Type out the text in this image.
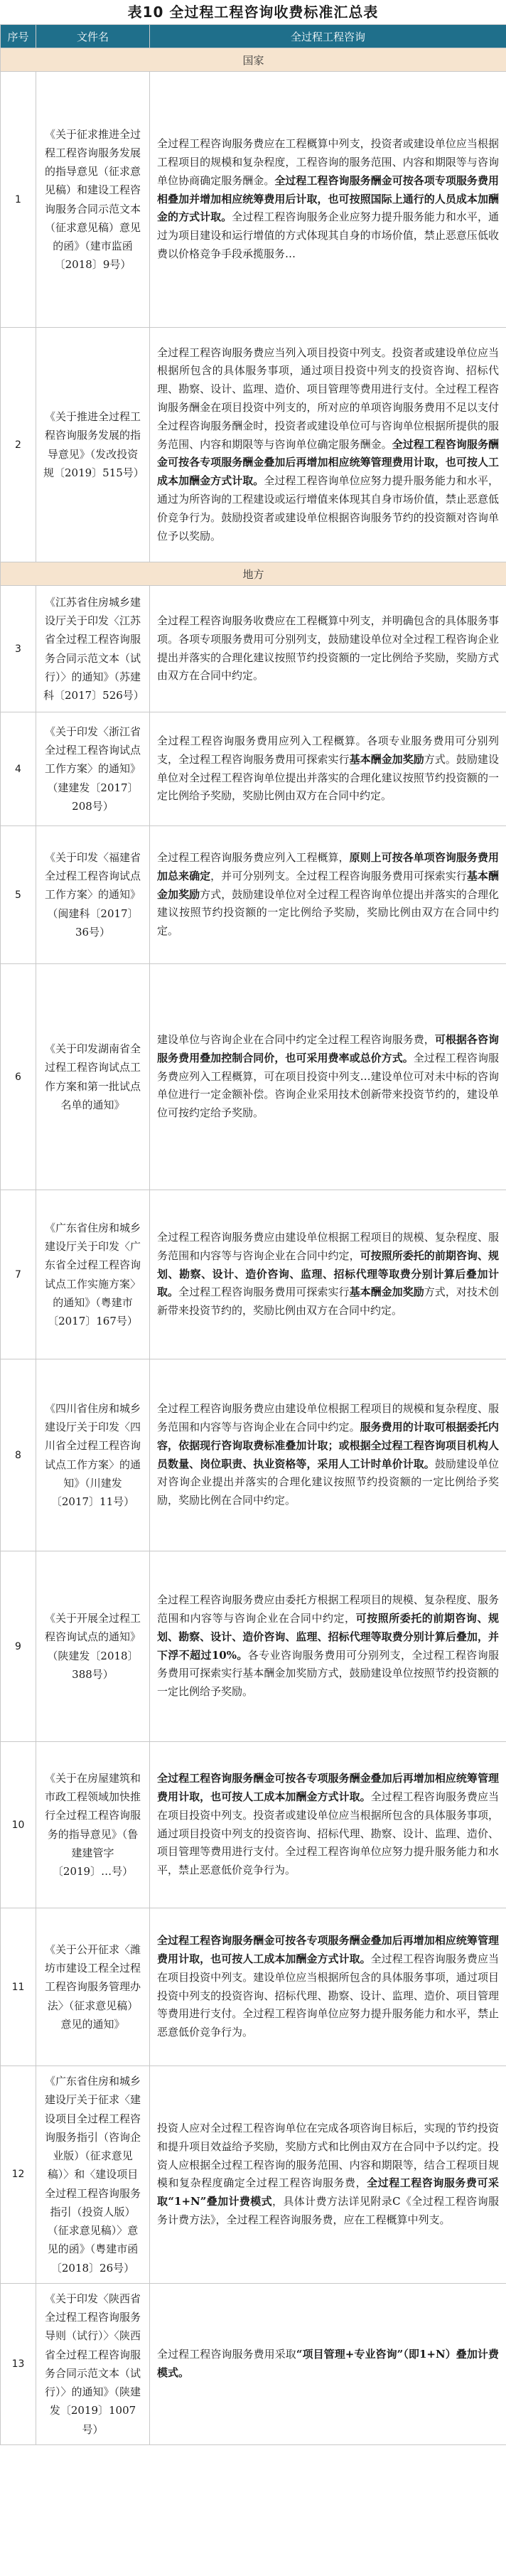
表10 全过程工程咨询收费标准汇总表
序号	文件名	全过程工程咨询
国家		
1	《关于征求推进全过程工程咨询服务发展的指导意见（征求意见稿）和建设工程咨询服务合同示范文本（征求意见稿）意见的函》（建市监函〔2018〕9号）	全过程工程咨询服务费应在工程概算中列支，投资者或建设单位应当根据工程项目的规模和复杂程度，工程咨询的服务范围、内容和期限等与咨询单位协商确定服务酬金。全过程工程咨询服务酬金可按各项专项服务费用相叠加并增加相应统筹费用后计取，也可按照国际上通行的人员成本加酬金的方式计取。全过程工程咨询服务企业应努力提升服务能力和水平，通过为项目建设和运行增值的方式体现其自身的市场价值，禁止恶意压低收费以价格竞争手段承揽服务…
2	《关于推进全过程工程咨询服务发展的指导意见》（发改投资规〔2019〕515号）	全过程工程咨询服务费应当列入项目投资中列支。投资者或建设单位应当根据所包含的具体服务事项，通过项目投资中列支的投资咨询、招标代理、勘察、设计、监理、造价、项目管理等费用进行支付。全过程工程咨询服务酬金在项目投资中列支的，所对应的单项咨询服务费用不足以支付全过程咨询服务酬金时，投资者或建设单位可与咨询单位根据所提供的服务范围、内容和期限等与咨询单位确定服务酬金。全过程工程咨询服务酬金可按各专项服务酬金叠加后再增加相应统筹管理费用计取，也可按人工成本加酬金方式计取。全过程工程咨询单位应努力提升服务能力和水平，通过为所咨询的工程建设或运行增值来体现其自身市场价值，禁止恶意低价竞争行为。鼓励投资者或建设单位根据咨询服务节约的投资额对咨询单位予以奖励。
地方		
3	《江苏省住房城乡建设厅关于印发〈江苏省全过程工程咨询服务合同示范文本（试行）〉的通知》（苏建科〔2017〕526号）	全过程工程咨询服务收费应在工程概算中列支，并明确包含的具体服务事项。各项专项服务费用可分别列支，鼓励建设单位对全过程工程咨询企业提出并落实的合理化建议按照节约投资额的一定比例给予奖励，奖励方式由双方在合同中约定。
4	《关于印发〈浙江省全过程工程咨询试点工作方案〉的通知》（建建发〔2017〕208号）	全过程工程咨询服务费用应列入工程概算。各项专业服务费用可分别列支，全过程工程咨询服务费用可探索实行基本酬金加奖励方式。鼓励建设单位对全过程工程咨询单位提出并落实的合理化建议按照节约投资额的一定比例给予奖励，奖励比例由双方在合同中约定。
5	《关于印发〈福建省全过程工程咨询试点工作方案〉的通知》（闽建科〔2017〕36号）	全过程工程咨询服务费应列入工程概算，原则上可按各单项咨询服务费用加总来确定，并可分别列支。全过程工程咨询服务费用可探索实行基本酬金加奖励方式，鼓励建设单位对全过程工程咨询单位提出并落实的合理化建议按照节约投资额的一定比例给予奖励，奖励比例由双方在合同中约定。
6	《关于印发湖南省全过程工程咨询试点工作方案和第一批试点名单的通知》	建设单位与咨询企业在合同中约定全过程工程咨询服务费，可根据各咨询服务费用叠加控制合同价，也可采用费率或总价方式。全过程工程咨询服务费应列入工程概算，可在项目投资中列支…建设单位可对未中标的咨询单位进行一定金额补偿。咨询企业采用技术创新带来投资节约的，建设单位可按约定给予奖励。
7	《广东省住房和城乡建设厅关于印发〈广东省全过程工程咨询试点工作实施方案〉的通知》（粤建市〔2017〕167号）	全过程工程咨询服务费应由建设单位根据工程项目的规模、复杂程度、服务范围和内容等与咨询企业在合同中约定，可按照所委托的前期咨询、规划、勘察、设计、造价咨询、监理、招标代理等取费分别计算后叠加计取。全过程工程咨询服务费用可探索实行基本酬金加奖励方式，对技术创新带来投资节约的，奖励比例由双方在合同中约定。
8	《四川省住房和城乡建设厅关于印发〈四川省全过程工程咨询试点工作方案〉的通知》（川建发〔2017〕11号）	全过程工程咨询服务费应由建设单位根据工程项目的规模和复杂程度、服务范围和内容等与咨询企业在合同中约定。服务费用的计取可根据委托内容，依据现行咨询取费标准叠加计取；或根据全过程工程咨询项目机构人员数量、岗位职责、执业资格等，采用人工计时单价计取。鼓励建设单位对咨询企业提出并落实的合理化建议按照节约投资额的一定比例给予奖励，奖励比例在合同中约定。
9	《关于开展全过程工程咨询试点的通知》（陕建发〔2018〕388号）	全过程工程咨询服务费应由委托方根据工程项目的规模、复杂程度、服务范围和内容等与咨询企业在合同中约定，可按照所委托的前期咨询、规划、勘察、设计、造价咨询、监理、招标代理等取费分别计算后叠加，并下浮不超过10%。各专业咨询服务费用可分别列支，全过程工程咨询服务费用可探索实行基本酬金加奖励方式，鼓励建设单位按照节约投资额的一定比例给予奖励。
10	《关于在房屋建筑和市政工程领域加快推行全过程工程咨询服务的指导意见》（鲁建建管字〔2019〕…号）	全过程工程咨询服务酬金可按各专项服务酬金叠加后再增加相应统筹管理费用计取，也可按人工成本加酬金方式计取。全过程工程咨询服务费应当在项目投资中列支。投资者或建设单位应当根据所包含的具体服务事项，通过项目投资中列支的投资咨询、招标代理、勘察、设计、监理、造价、项目管理等费用进行支付。全过程工程咨询单位应努力提升服务能力和水平，禁止恶意低价竞争行为。
11	《关于公开征求〈潍坊市建设工程全过程工程咨询服务管理办法〉（征求意见稿）意见的通知》	全过程工程咨询服务酬金可按各专项服务酬金叠加后再增加相应统筹管理费用计取，也可按人工成本加酬金方式计取。全过程工程咨询服务费应当在项目投资中列支。建设单位应当根据所包含的具体服务事项，通过项目投资中列支的投资咨询、招标代理、勘察、设计、监理、造价、项目管理等费用进行支付。全过程工程咨询单位应努力提升服务能力和水平，禁止恶意低价竞争行为。
12	《广东省住房和城乡建设厅关于征求〈建设项目全过程工程咨询服务指引（咨询企业版）（征求意见稿）〉和〈建设项目全过程工程咨询服务指引（投资人版）（征求意见稿）〉意见的函》（粤建市函〔2018〕26号）	投资人应对全过程工程咨询单位在完成各项咨询目标后，实现的节约投资和提升项目效益给予奖励，奖励方式和比例由双方在合同中予以约定。投资人应根据全过程工程咨询的服务范围、内容和期限等，结合工程项目规模和复杂程度确定全过程工程咨询服务费，全过程工程咨询服务费可采取“1+N”叠加计费模式，具体计费方法详见附录C《全过程工程咨询服务计费方法》，全过程工程咨询服务费，应在工程概算中列支。
13	《关于印发〈陕西省全过程工程咨询服务导则（试行）〉〈陕西省全过程工程咨询服务合同示范文本（试行）〉的通知》（陕建发〔2019〕1007号）	全过程工程咨询服务费用采取“项目管理+专业咨询”（即1+N）叠加计费模式。
